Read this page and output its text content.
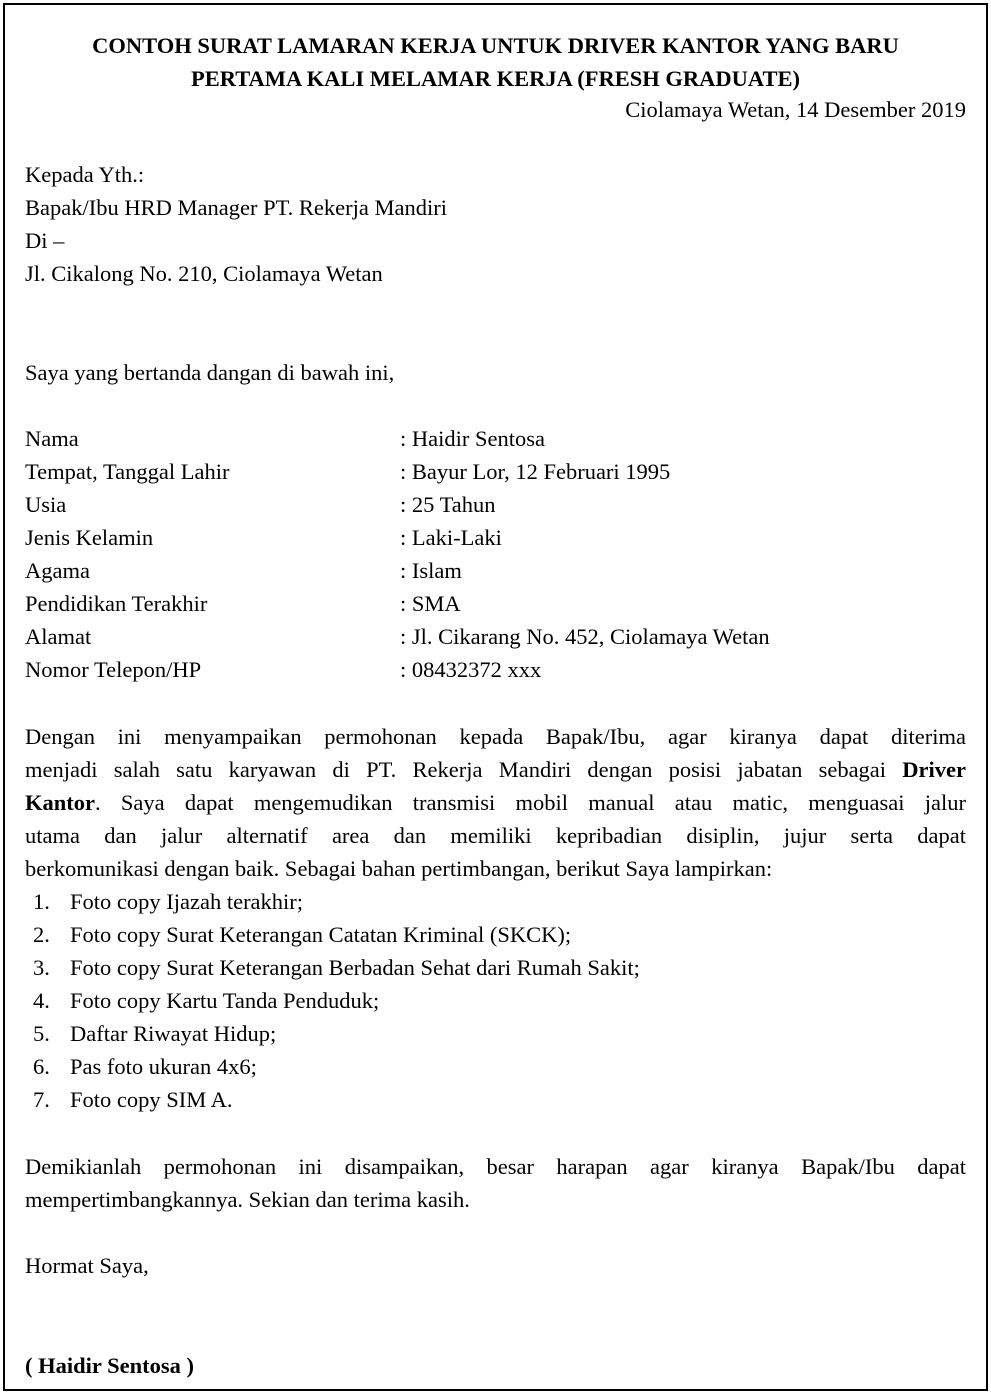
CONTOH SURAT LAMARAN KERJA UNTUK DRIVER KANTOR YANG BARU
PERTAMA KALI MELAMAR KERJA (FRESH GRADUATE)
Ciolamaya Wetan, 14 Desember 2019
Kepada Yth.:
Bapak/Ibu HRD Manager PT. Rekerja Mandiri
Di –
Jl. Cikalong No. 210, Ciolamaya Wetan
Saya yang bertanda dangan di bawah ini,
Nama	: Haidir Sentosa
Tempat, Tanggal Lahir	: Bayur Lor, 12 Februari 1995
Usia	: 25 Tahun
Jenis Kelamin	: Laki-Laki
Agama	: Islam
Pendidikan Terakhir	: SMA
Alamat	: Jl. Cikarang No. 452, Ciolamaya Wetan
Nomor Telepon/HP	: 08432372 xxx
Dengan ini menyampaikan permohonan kepada Bapak/Ibu, agar kiranya dapat diterima
menjadi salah satu karyawan di PT. Rekerja Mandiri dengan posisi jabatan sebagai Driver
Kantor. Saya dapat mengemudikan transmisi mobil manual atau matic, menguasai jalur
utama dan jalur alternatif area dan memiliki kepribadian disiplin, jujur serta dapat
berkomunikasi dengan baik. Sebagai bahan pertimbangan, berikut Saya lampirkan:
1. Foto copy Ijazah terakhir;
2. Foto copy Surat Keterangan Catatan Kriminal (SKCK);
3. Foto copy Surat Keterangan Berbadan Sehat dari Rumah Sakit;
4. Foto copy Kartu Tanda Penduduk;
5. Daftar Riwayat Hidup;
6. Pas foto ukuran 4x6;
7. Foto copy SIM A.
Demikianlah permohonan ini disampaikan, besar harapan agar kiranya Bapak/Ibu dapat
mempertimbangkannya. Sekian dan terima kasih.
Hormat Saya,
( Haidir Sentosa )
